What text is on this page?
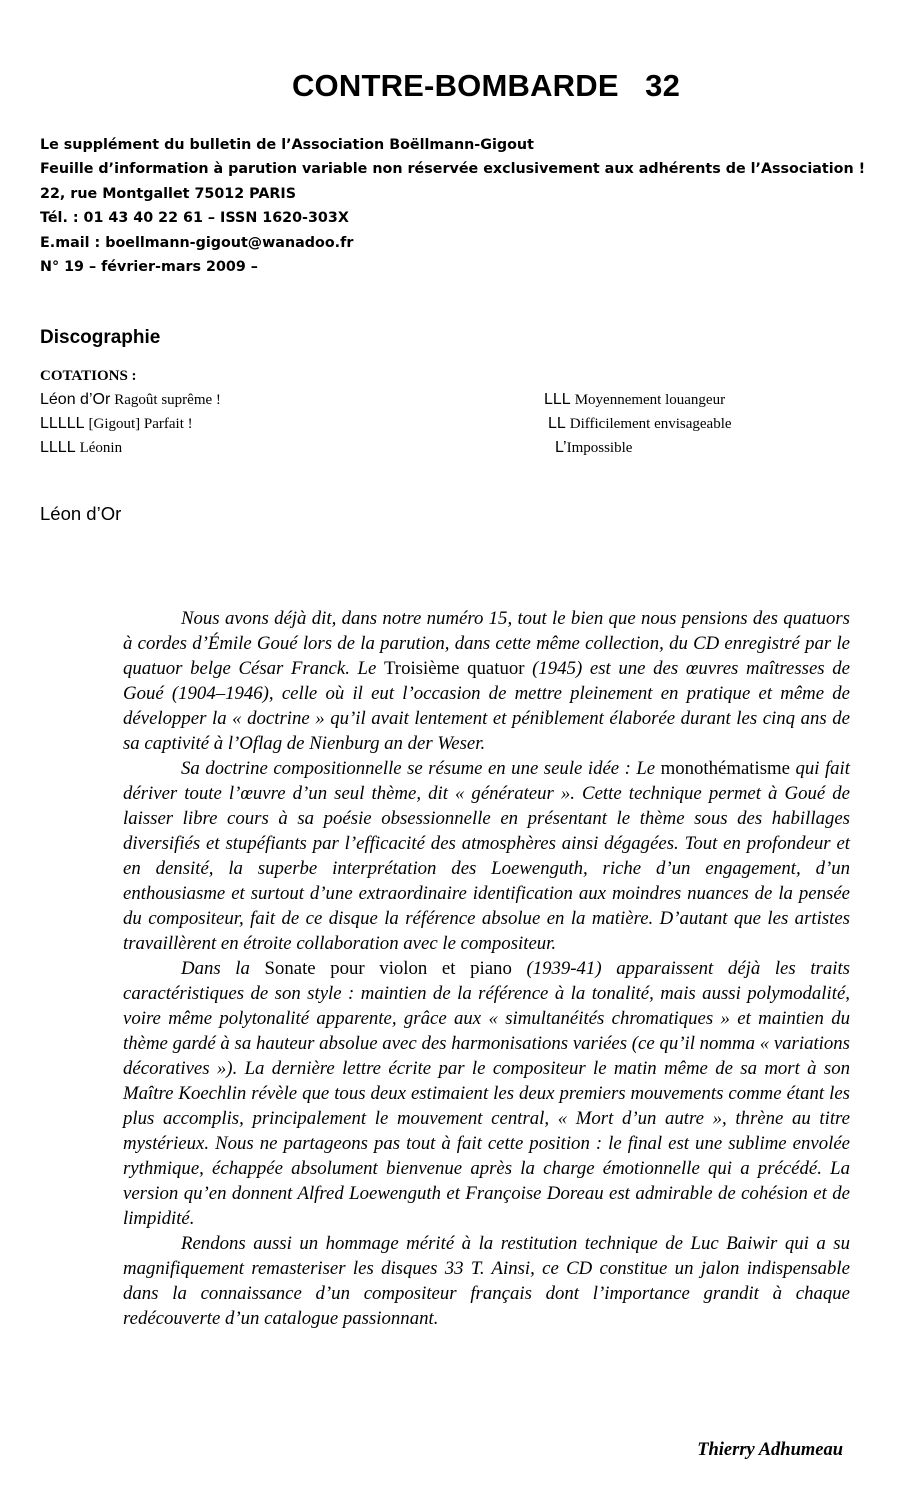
CONTRE-BOMBARDE   32
Le supplément du bulletin de l’Association Boëllmann-Gigout
Feuille d’information à parution variable non réservée exclusivement aux adhérents de l’Association !
22, rue Montgallet 75012 PARIS
Tél. : 01 43 40 22 61 – ISSN 1620-303X
E.mail : boellmann-gigout@wanadoo.fr
N° 19 – février-mars 2009 –
Discographie
COTATIONS :
Léon d’Or Ragoût suprême !
LLLLL [Gigout] Parfait !
LLLL Léonin
LLL Moyennement louangeur
LL Difficilement envisageable
L’Impossible
Léon d’Or

Nous avons déjà dit, dans notre numéro 15, tout le bien que nous pensions des quatuors à cordes d’Émile Goué lors de la parution, dans cette même collection, du CD enregistré par le quatuor belge César Franck. Le Troisième quatuor (1945) est une des œuvres maîtresses de Goué (1904–1946), celle où il eut l’occasion de mettre pleinement en pratique et même de développer la « doctrine » qu’il avait lentement et péniblement élaborée durant les cinq ans de sa captivité à l’Oflag de Nienburg an der Weser.

Sa doctrine compositionnelle se résume en une seule idée : Le monothématisme qui fait dériver toute l’œuvre d’un seul thème, dit « générateur ». Cette technique permet à Goué de laisser libre cours à sa poésie obsessionnelle en présentant le thème sous des habillages diversifiés et stupéfiants par l’efficacité des atmosphères ainsi dégagées. Tout en profondeur et en densité, la superbe interprétation des Loewenguth, riche d’un engagement, d’un enthousiasme et surtout d’une extraordinaire identification aux moindres nuances de la pensée du compositeur, fait de ce disque la référence absolue en la matière. D’autant que les artistes travaillèrent en étroite collaboration avec le compositeur.

Dans la Sonate pour violon et piano (1939-41) apparaissent déjà les traits caractéristiques de son style : maintien de la référence à la tonalité, mais aussi polymodalité, voire même polytonalité apparente, grâce aux « simultanéités chromatiques » et maintien du thème gardé à sa hauteur absolue avec des harmonisations variées (ce qu’il nomma « variations décoratives »). La dernière lettre écrite par le compositeur le matin même de sa mort à son Maître Koechlin révèle que tous deux estimaient les deux premiers mouvements comme étant les plus accomplis, principalement le mouvement central, « Mort d’un autre », thrène au titre mystérieux. Nous ne partageons pas tout à fait cette position : le final est une sublime envolée rythmique, échappée absolument bienvenue après la charge émotionnelle qui a précédé. La version qu’en donnent Alfred Loewenguth et Françoise Doreau est admirable de cohésion et de limpidité.

Rendons aussi un hommage mérité à la restitution technique de Luc Baiwir qui a su magnifiquement remasteriser les disques 33 T. Ainsi, ce CD constitue un jalon indispensable dans la connaissance d’un compositeur français dont l’importance grandit à chaque redécouverte d’un catalogue passionnant.

Thierry Adhumeau
